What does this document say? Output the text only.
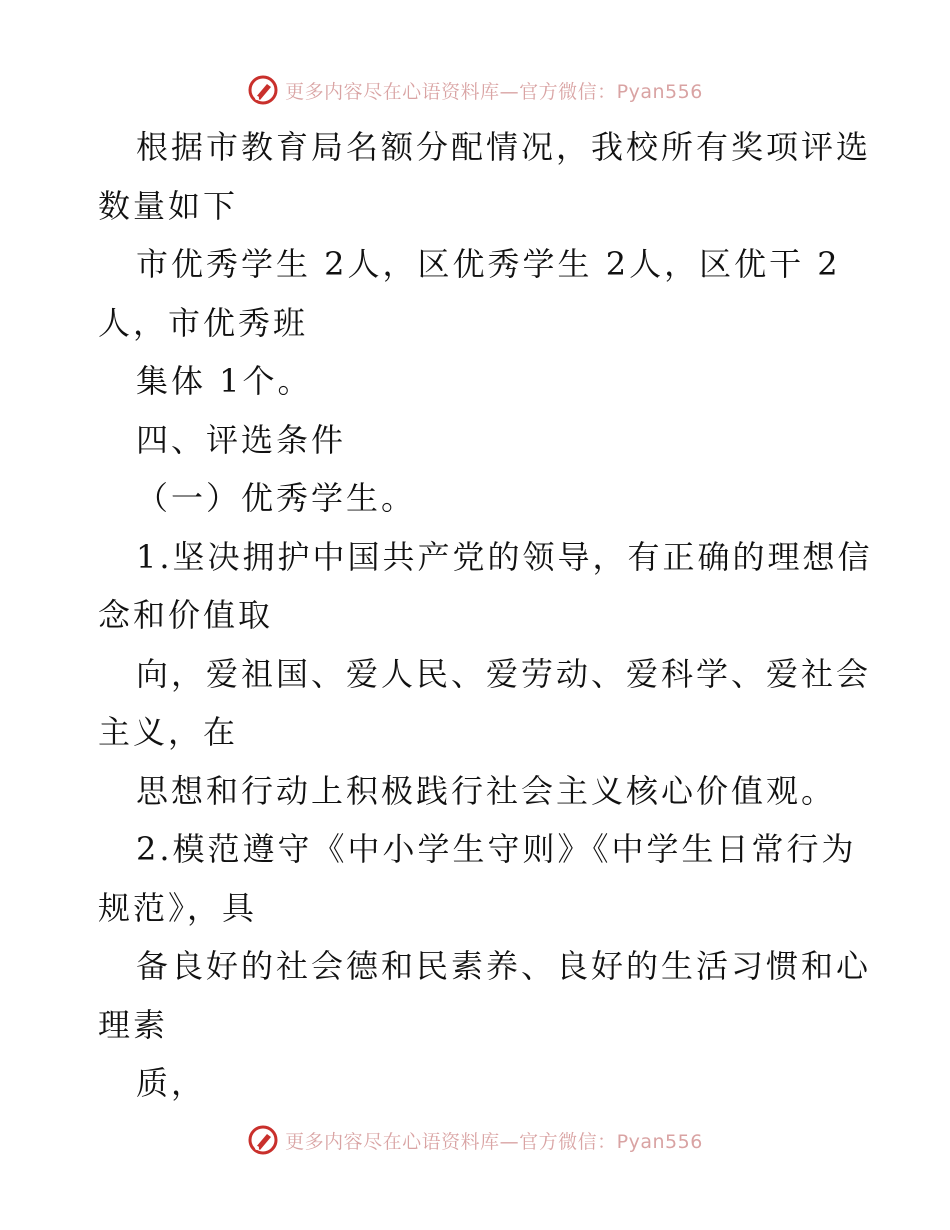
更多内容尽在心语资料库—官方微信：Pyan556
根据市教育局名额分配情况，我校所有奖项评选
数量如下
市优秀学生 2人，区优秀学生 2人，区优干 2
人，市优秀班
集体 1个。
四、评选条件
（一）优秀学生。
1.坚决拥护中国共产党的领导，有正确的理想信
念和价值取
向，爱祖国、爱人民、爱劳动、爱科学、爱社会
主义，在
思想和行动上积极践行社会主义核心价值观。
2.模范遵守《中小学生守则》《中学生日常行为
规范》，具
备良好的社会德和民素养、良好的生活习惯和心
理素
质，
更多内容尽在心语资料库—官方微信：Pyan556
